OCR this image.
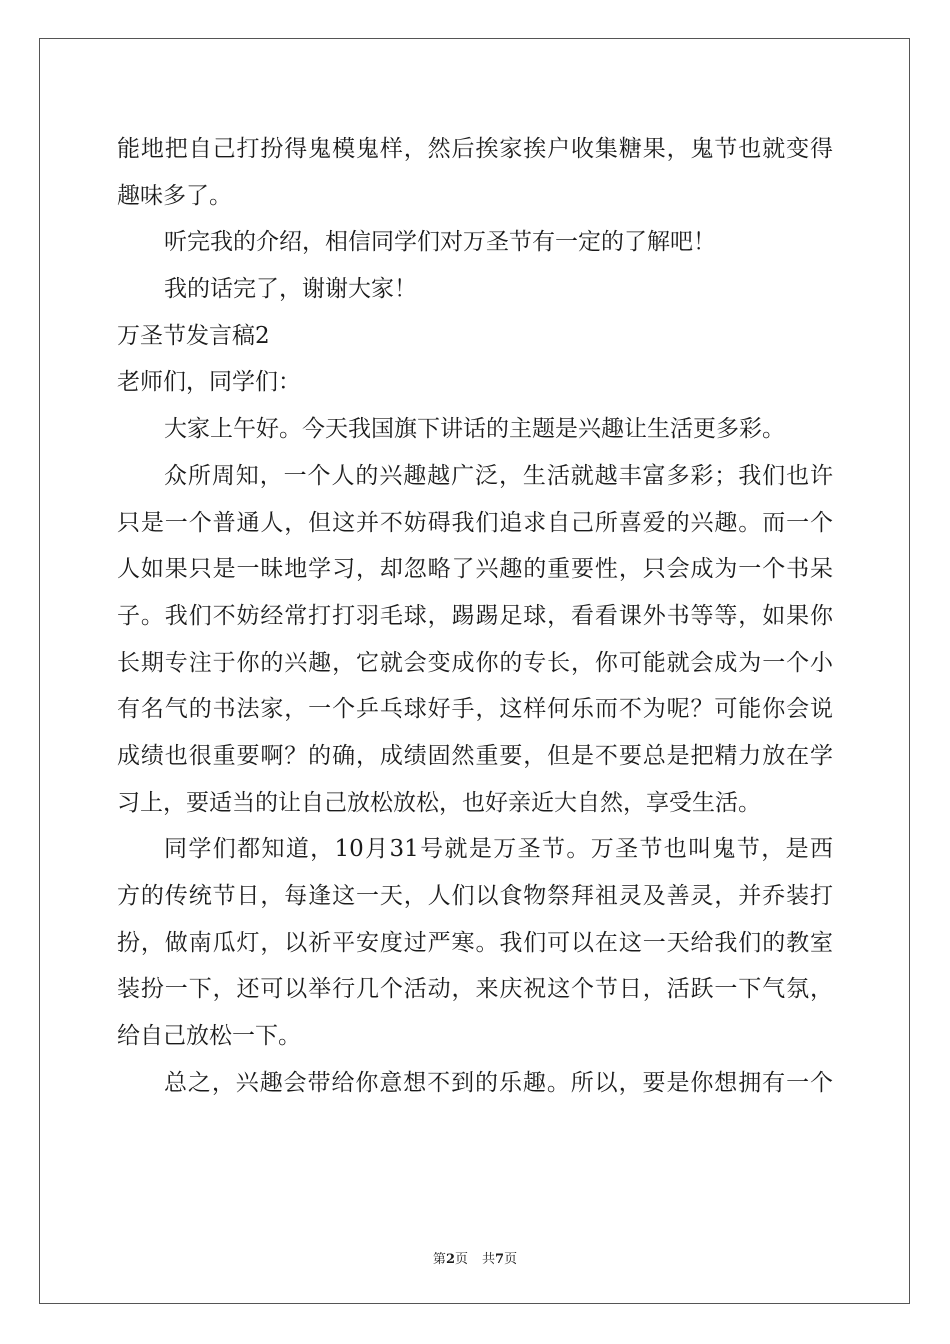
能地把自己打扮得鬼模鬼样，然后挨家挨户收集糖果，鬼节也就变得
趣味多了。
听完我的介绍，相信同学们对万圣节有一定的了解吧！
我的话完了，谢谢大家！
万圣节发言稿2
老师们，同学们：
大家上午好。今天我国旗下讲话的主题是兴趣让生活更多彩。
众所周知，一个人的兴趣越广泛，生活就越丰富多彩；我们也许
只是一个普通人，但这并不妨碍我们追求自己所喜爱的兴趣。而一个
人如果只是一昧地学习，却忽略了兴趣的重要性，只会成为一个书呆
子。我们不妨经常打打羽毛球，踢踢足球，看看课外书等等，如果你
长期专注于你的兴趣，它就会变成你的专长，你可能就会成为一个小
有名气的书法家，一个乒乓球好手，这样何乐而不为呢？可能你会说
成绩也很重要啊？的确，成绩固然重要，但是不要总是把精力放在学
习上，要适当的让自己放松放松，也好亲近大自然，享受生活。
同学们都知道，10月31号就是万圣节。万圣节也叫鬼节，是西
方的传统节日，每逢这一天，人们以食物祭拜祖灵及善灵，并乔装打
扮，做南瓜灯，以祈平安度过严寒。我们可以在这一天给我们的教室
装扮一下，还可以举行几个活动，来庆祝这个节日，活跃一下气氛，
给自己放松一下。
总之，兴趣会带给你意想不到的乐趣。所以，要是你想拥有一个
第2页 共7页
